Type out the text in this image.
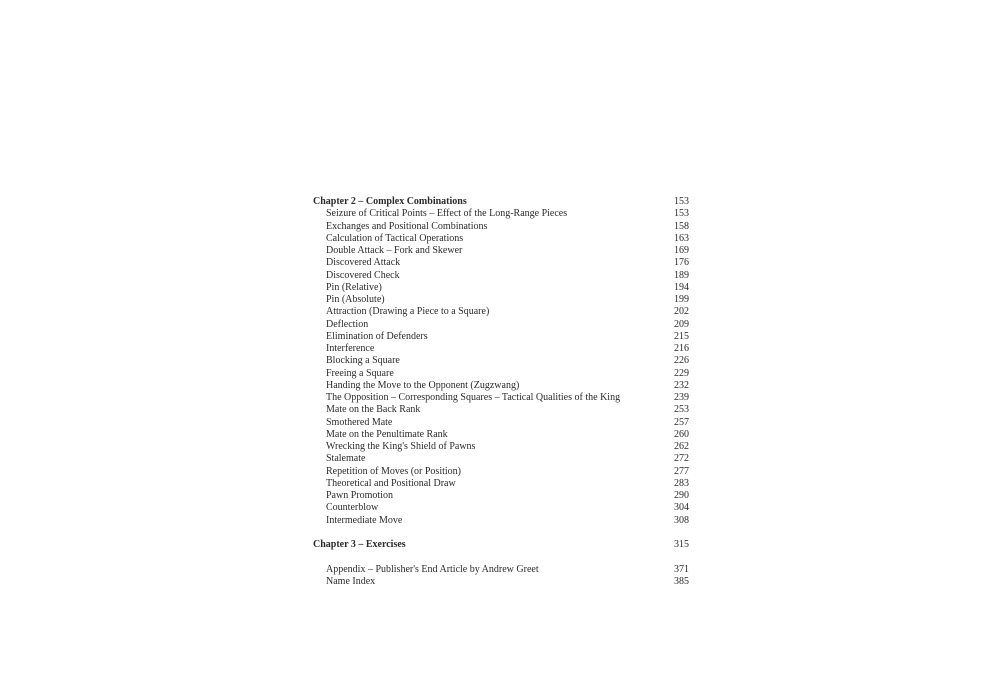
Chapter 2 – Complex Combinations	153
Seizure of Critical Points – Effect of the Long-Range Pieces	153
Exchanges and Positional Combinations	158
Calculation of Tactical Operations	163
Double Attack – Fork and Skewer	169
Discovered Attack	176
Discovered Check	189
Pin (Relative)	194
Pin (Absolute)	199
Attraction (Drawing a Piece to a Square)	202
Deflection	209
Elimination of Defenders	215
Interference	216
Blocking a Square	226
Freeing a Square	229
Handing the Move to the Opponent (Zugzwang)	232
The Opposition – Corresponding Squares – Tactical Qualities of the King	239
Mate on the Back Rank	253
Smothered Mate	257
Mate on the Penultimate Rank	260
Wrecking the King's Shield of Pawns	262
Stalemate	272
Repetition of Moves (or Position)	277
Theoretical and Positional Draw	283
Pawn Promotion	290
Counterblow	304
Intermediate Move	308
Chapter 3 – Exercises	315
Appendix – Publisher's End Article by Andrew Greet	371
Name Index	385
